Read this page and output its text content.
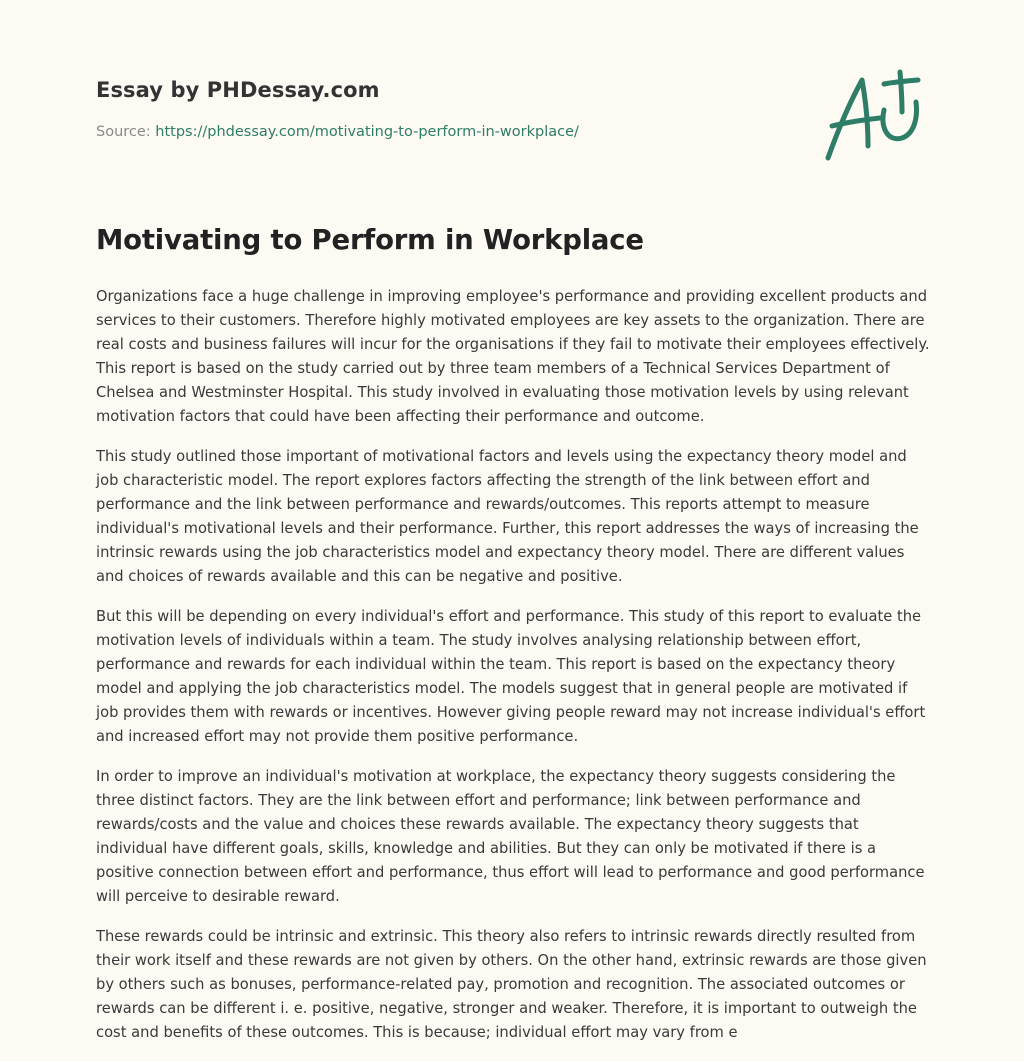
Essay by PHDessay.com
Source: https://phdessay.com/motivating-to-perform-in-workplace/
Motivating to Perform in Workplace

Organizations face a huge challenge in improving employee's performance and providing excellent products and services to their customers. Therefore highly motivated employees are key assets to the organization. There are real costs and business failures will incur for the organisations if they fail to motivate their employees effectively. This report is based on the study carried out by three team members of a Technical Services Department of Chelsea and Westminster Hospital. This study involved in evaluating those motivation levels by using relevant motivation factors that could have been affecting their performance and outcome.

This study outlined those important of motivational factors and levels using the expectancy theory model and job characteristic model. The report explores factors affecting the strength of the link between effort and performance and the link between performance and rewards/outcomes. This reports attempt to measure individual's motivational levels and their performance. Further, this report addresses the ways of increasing the intrinsic rewards using the job characteristics model and expectancy theory model. There are different values and choices of rewards available and this can be negative and positive.

But this will be depending on every individual's effort and performance. This study of this report to evaluate the motivation levels of individuals within a team. The study involves analysing relationship between effort, performance and rewards for each individual within the team. This report is based on the expectancy theory model and applying the job characteristics model. The models suggest that in general people are motivated if job provides them with rewards or incentives. However giving people reward may not increase individual's effort and increased effort may not provide them positive performance.

In order to improve an individual's motivation at workplace, the expectancy theory suggests considering the three distinct factors. They are the link between effort and performance; link between performance and rewards/costs and the value and choices these rewards available. The expectancy theory suggests that individual have different goals, skills, knowledge and abilities. But they can only be motivated if there is a positive connection between effort and performance, thus effort will lead to performance and good performance will perceive to desirable reward.

These rewards could be intrinsic and extrinsic. This theory also refers to intrinsic rewards directly resulted from their work itself and these rewards are not given by others. On the other hand, extrinsic rewards are those given by others such as bonuses, performance-related pay, promotion and recognition. The associated outcomes or rewards can be different i. e. positive, negative, stronger and weaker. Therefore, it is important to outweigh the cost and benefits of these outcomes. This is because; individual effort may vary from e
